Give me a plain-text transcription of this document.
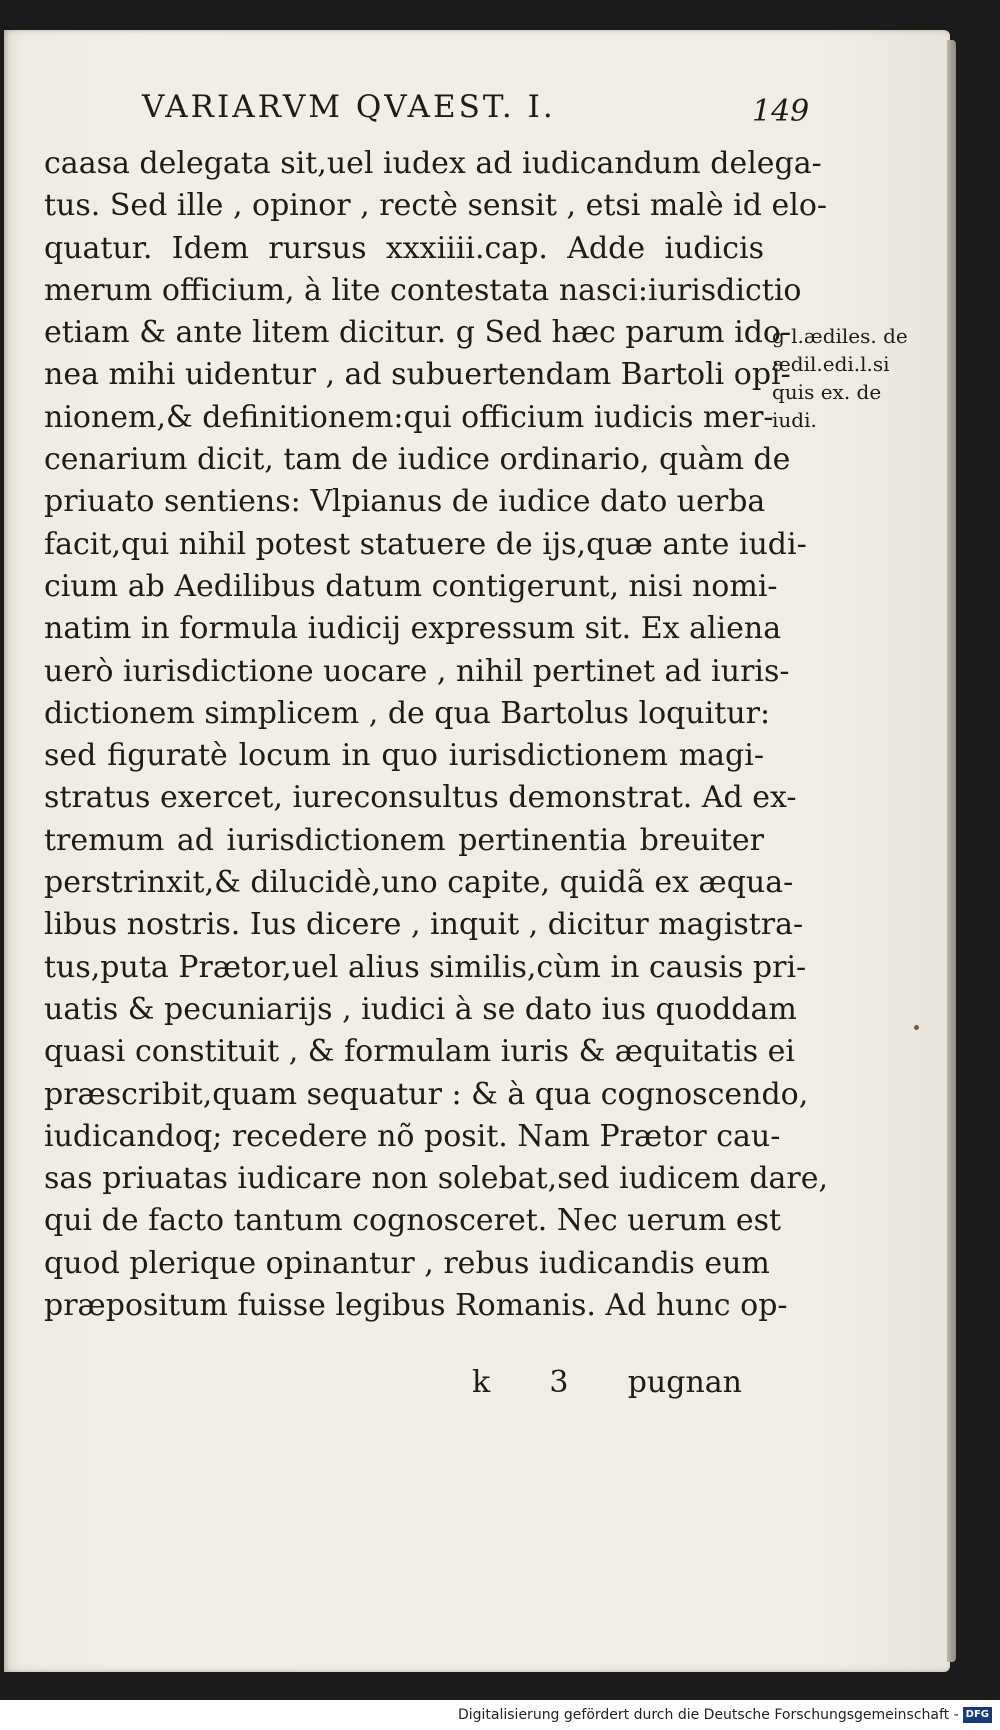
VARIARVM QVAEST. I.	149
caasa delegata sit,uel iudex ad iudicandum delega-
tus. Sed ille , opinor , rectè sensit , etsi malè id elo-
quatur. Idem rursus xxxiiii.cap. Adde iudicis
merum officium, à lite contestata nasci:iurisdictio
etiam & ante litem dicitur. g Sed hæc parum ido-
nea mihi uidentur , ad subuertendam Bartoli opi-
nionem,& definitionem:qui officium iudicis mer-
cenarium dicit, tam de iudice ordinario, quàm de
priuato sentiens: Vlpianus de iudice dato uerba
facit,qui nihil potest statuere de ijs,quæ ante iudi-
cium ab Aedilibus datum contigerunt, nisi nomi-
natim in formula iudicij expressum sit. Ex aliena
uerò iurisdictione uocare , nihil pertinet ad iuris-
dictionem simplicem , de qua Bartolus loquitur:
sed figuratè locum in quo iurisdictionem magi-
stratus exercet, iureconsultus demonstrat. Ad ex-
tremum ad iurisdictionem pertinentia breuiter
perstrinxit,& dilucidè,uno capite, quidã ex æqua-
libus nostris. Ius dicere , inquit , dicitur magistra-
tus,puta Prætor,uel alius similis,cùm in causis pri-
uatis & pecuniarijs , iudici à se dato ius quoddam
quasi constituit , & formulam iuris & æquitatis ei
præscribit,quam sequatur : & à qua cognoscendo,
iudicandoq; recedere nõ posit. Nam Prætor cau-
sas priuatas iudicare non solebat,sed iudicem dare,
qui de facto tantum cognosceret. Nec uerum est
quod plerique opinantur , rebus iudicandis eum
præpositum fuisse legibus Romanis. Ad hunc op-
g l.ædiles. de
ædil.edi.l.si
quis ex. de
iudi.
k 3 pugnan
Digitalisierung gefördert durch die Deutsche Forschungsgemeinschaft - DFG
